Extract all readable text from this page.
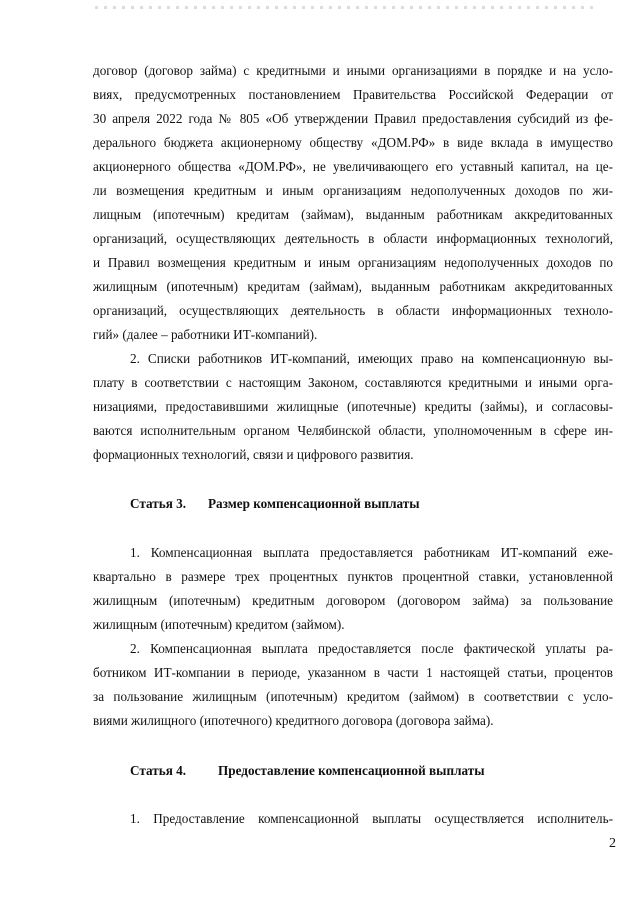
договор (договор займа) с кредитными и иными организациями в порядке и на усло-

виях, предусмотренных постановлением Правительства Российской Федерации от

30 апреля 2022 года № 805 «Об утверждении Правил предоставления субсидий из фе-

дерального бюджета акционерному обществу «ДОМ.РФ» в виде вклада в имущество

акционерного общества «ДОМ.РФ», не увеличивающего его уставный капитал, на це-

ли возмещения кредитным и иным организациям недополученных доходов по жи-

лищным (ипотечным) кредитам (займам), выданным работникам аккредитованных

организаций, осуществляющих деятельность в области информационных технологий,

и Правил возмещения кредитным и иным организациям недополученных доходов по

жилищным (ипотечным) кредитам (займам), выданным работникам аккредитованных

организаций, осуществляющих деятельность в области информационных техноло-

гий» (далее – работники ИТ-компаний).

2. Списки работников ИТ-компаний, имеющих право на компенсационную вы-

плату в соответствии с настоящим Законом, составляются кредитными и иными орга-

низациями, предоставившими жилищные (ипотечные) кредиты (займы), и согласовы-

ваются исполнительным органом Челябинской области, уполномоченным в сфере ин-

формационных технологий, связи и цифрового развития.

Статья 3. Размер компенсационной выплаты

1. Компенсационная выплата предоставляется работникам ИТ-компаний еже-

квартально в размере трех процентных пунктов процентной ставки, установленной

жилищным (ипотечным) кредитным договором (договором займа) за пользование

жилищным (ипотечным) кредитом (займом).

2. Компенсационная выплата предоставляется после фактической уплаты ра-

ботником ИТ-компании в периоде, указанном в части 1 настоящей статьи, процентов

за пользование жилищным (ипотечным) кредитом (займом) в соответствии с усло-

виями жилищного (ипотечного) кредитного договора (договора займа).

Статья 4. Предоставление компенсационной выплаты

1. Предоставление компенсационной выплаты осуществляется исполнитель-

2
